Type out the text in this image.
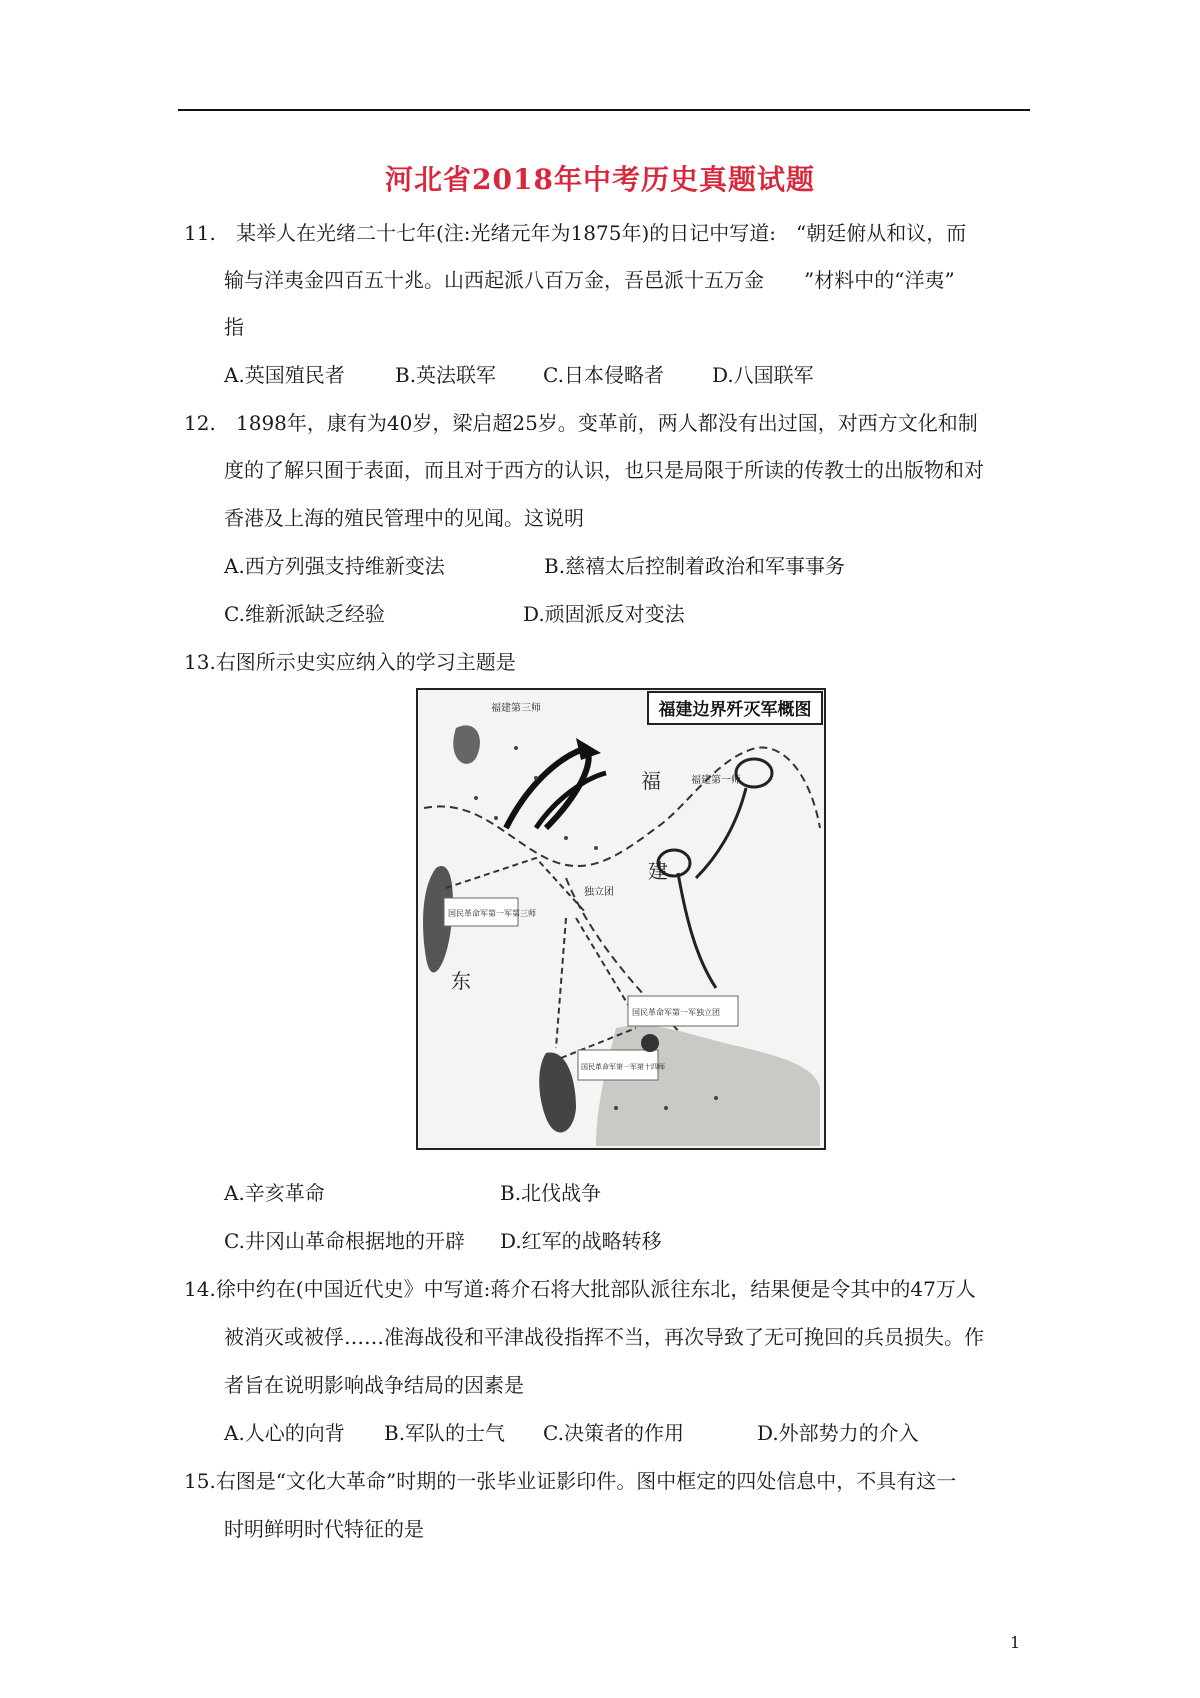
河北省2018年中考历史真题试题
11. 某举人在光绪二十七年(注:光绪元年为1875年)的日记中写道:　“朝廷俯从和议，而
输与洋夷金四百五十兆。山西起派八百万金，吾邑派十五万金　　”材料中的“洋夷”
指
A.英国殖民者	B.英法联军 C.日本侵略者 D.八国联军
12. 1898年，康有为40岁，梁启超25岁。变革前，两人都没有出过国，对西方文化和制
度的了解只囿于表面，而且对于西方的认识，也只是局限于所读的传教士的出版物和对
香港及上海的殖民管理中的见闻。这说明
A.西方列强支持维新变法	B.慈禧太后控制着政治和军事事务
C.维新派缺乏经验	D.顽固派反对变法
13.右图所示史实应纳入的学习主题是
福建边界歼灭军概图
福建第三师
福建第一师
福
建
东
独立团
国民革命军第一军第三师
国民革命军第一军独立团
国民革命军第一军第十四师
A.辛亥革命	B.北伐战争
C.井冈山革命根据地的开辟 D.红军的战略转移
14.徐中约在(中国近代史》中写道:蒋介石将大批部队派往东北，结果便是令其中的47万人
被消灭或被俘……准海战役和平津战役指挥不当，再次导致了无可挽回的兵员损失。作
者旨在说明影响战争结局的因素是
A.人心的向背 B.军队的士气 C.决策者的作用	D.外部势力的介入
15.右图是“文化大革命”时期的一张毕业证影印件。图中框定的四处信息中，不具有这一
时明鲜明时代特征的是
1
